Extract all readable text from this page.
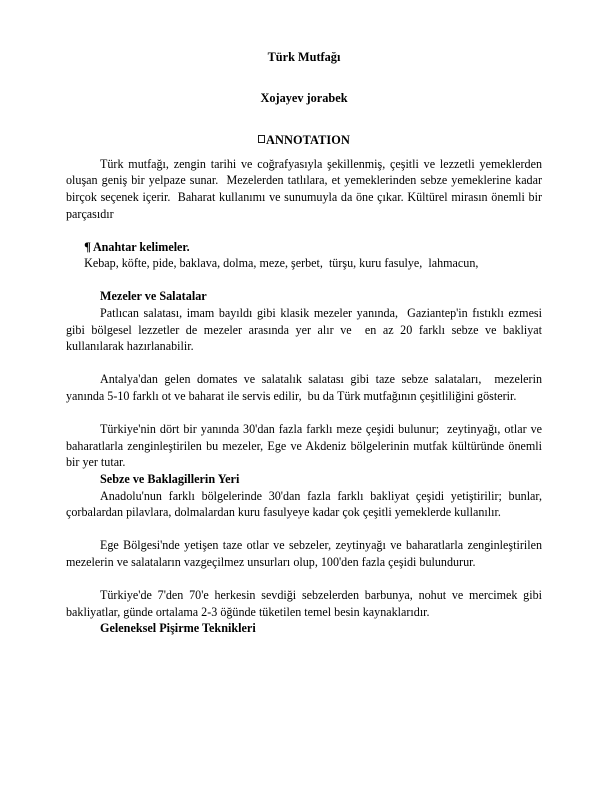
Türk Mutfağı
Xojayev jorabek
ANNOTATION

Türk mutfağı, zengin tarihi ve coğrafyasıyla şekillenmiş, çeşitli ve lezzetli yemeklerden oluşan geniş bir yelpaze sunar.  Mezelerden tatlılara, et yemeklerinden sebze yemeklerine kadar birçok seçenek içerir.  Baharat kullanımı ve sunumuyla da öne çıkar. Kültürel mirasın önemli bir parçasıdır

¶ Anahtar kelimeler.
Kebap, köfte, pide, baklava, dolma, meze, şerbet,  türşu, kuru fasulye,  lahmacun,

Mezeler ve Salatalar

Patlıcan salatası, imam bayıldı gibi klasik mezeler yanında,  Gaziantep'in fıstıklı ezmesi gibi bölgesel lezzetler de mezeler arasında yer alır ve  en az 20 farklı sebze ve bakliyat kullanılarak hazırlanabilir.

Antalya'dan gelen domates ve salatalık salatası gibi taze sebze salataları,  mezelerin yanında 5-10 farklı ot ve baharat ile servis edilir,  bu da Türk mutfağının çeşitliliğini gösterir.

Türkiye'nin dört bir yanında 30'dan fazla farklı meze çeşidi bulunur;  zeytinyağı, otlar ve baharatlarla zenginleştirilen bu mezeler, Ege ve Akdeniz bölgelerinin mutfak kültüründe önemli bir yer tutar.

Sebze ve Baklagillerin Yeri

Anadolu'nun farklı bölgelerinde 30'dan fazla farklı bakliyat çeşidi yetiştirilir; bunlar, çorbalardan pilavlara, dolmalardan kuru fasulyeye kadar çok çeşitli yemeklerde kullanılır.

Ege Bölgesi'nde yetişen taze otlar ve sebzeler, zeytinyağı ve baharatlarla zenginleştirilen mezelerin ve salataların vazgeçilmez unsurları olup, 100'den fazla çeşidi bulundurur.

Türkiye'de 7'den 70'e herkesin sevdiği sebzelerden barbunya, nohut ve mercimek gibi bakliyatlar, günde ortalama 2-3 öğünde tüketilen temel besin kaynaklarıdır.

Geleneksel Pişirme Teknikleri
